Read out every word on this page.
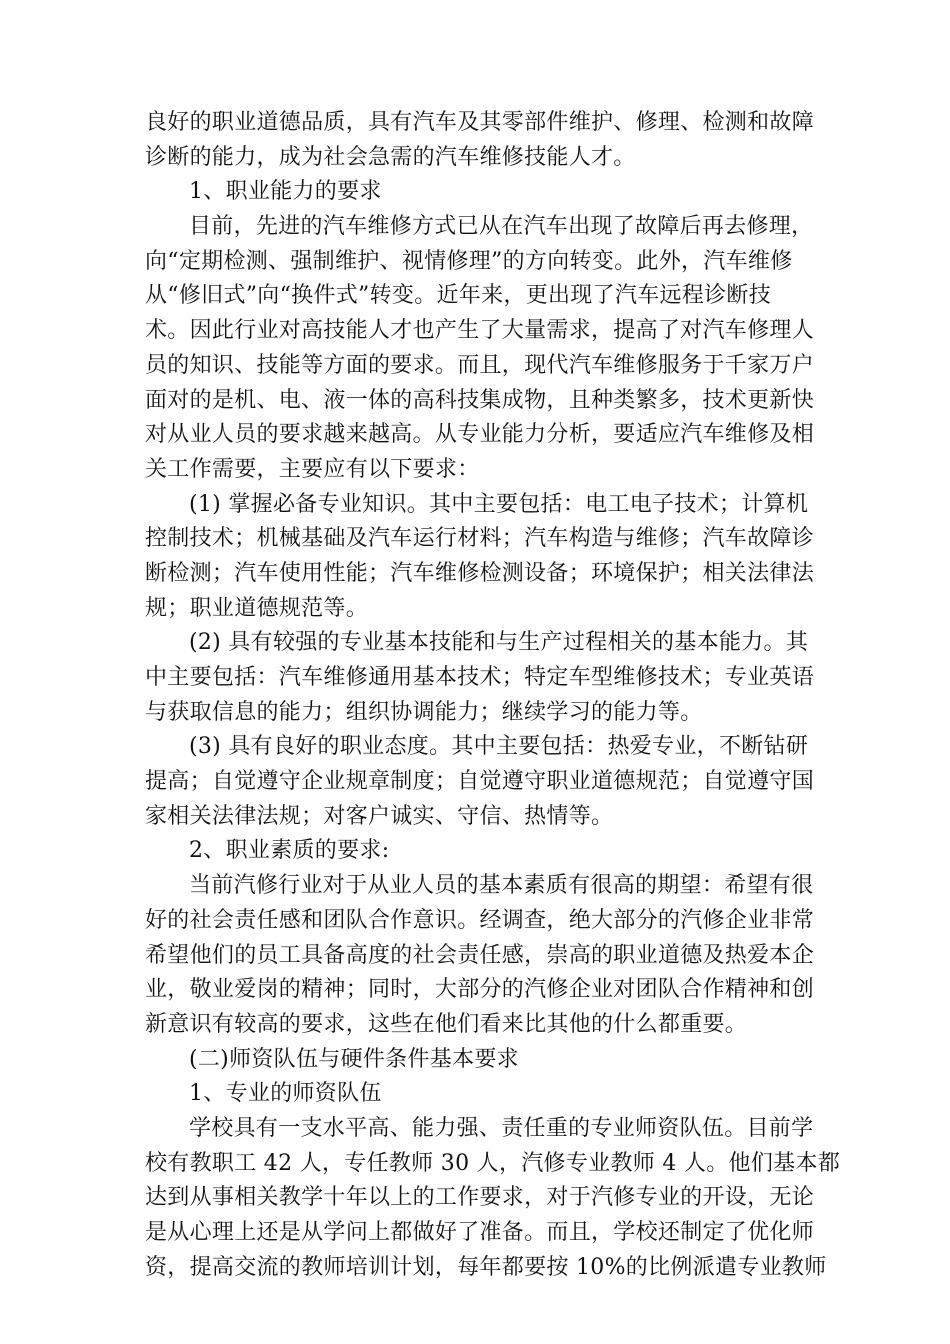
良好的职业道德品质，具有汽车及其零部件维护、修理、检测和故障
诊断的能力，成为社会急需的汽车维修技能人才。
1、职业能力的要求
目前，先进的汽车维修方式已从在汽车出现了故障后再去修理，
向“定期检测、强制维护、视情修理”的方向转变。此外，汽车维修
从“修旧式”向“换件式”转变。近年来，更出现了汽车远程诊断技
术。因此行业对高技能人才也产生了大量需求，提高了对汽车修理人
员的知识、技能等方面的要求。而且，现代汽车维修服务于千家万户
面对的是机、电、液一体的高科技集成物，且种类繁多，技术更新快
对从业人员的要求越来越高。从专业能力分析，要适应汽车维修及相
关工作需要，主要应有以下要求：
(1) 掌握必备专业知识。其中主要包括：电工电子技术；计算机
控制技术；机械基础及汽车运行材料；汽车构造与维修；汽车故障诊
断检测；汽车使用性能；汽车维修检测设备；环境保护；相关法律法
规；职业道德规范等。
(2) 具有较强的专业基本技能和与生产过程相关的基本能力。其
中主要包括：汽车维修通用基本技术；特定车型维修技术；专业英语
与获取信息的能力；组织协调能力；继续学习的能力等。
(3) 具有良好的职业态度。其中主要包括：热爱专业，不断钻研
提高；自觉遵守企业规章制度；自觉遵守职业道德规范；自觉遵守国
家相关法律法规；对客户诚实、守信、热情等。
2、职业素质的要求:
当前汽修行业对于从业人员的基本素质有很高的期望：希望有很
好的社会责任感和团队合作意识。经调查，绝大部分的汽修企业非常
希望他们的员工具备高度的社会责任感，崇高的职业道德及热爱本企
业，敬业爱岗的精神；同时，大部分的汽修企业对团队合作精神和创
新意识有较高的要求，这些在他们看来比其他的什么都重要。
(二)师资队伍与硬件条件基本要求
1、专业的师资队伍
学校具有一支水平高、能力强、责任重的专业师资队伍。目前学
校有教职工 42 人，专任教师 30 人，汽修专业教师 4 人。他们基本都
达到从事相关教学十年以上的工作要求，对于汽修专业的开设，无论
是从心理上还是从学问上都做好了准备。而且，学校还制定了优化师
资，提高交流的教师培训计划，每年都要按 10%的比例派遣专业教师
